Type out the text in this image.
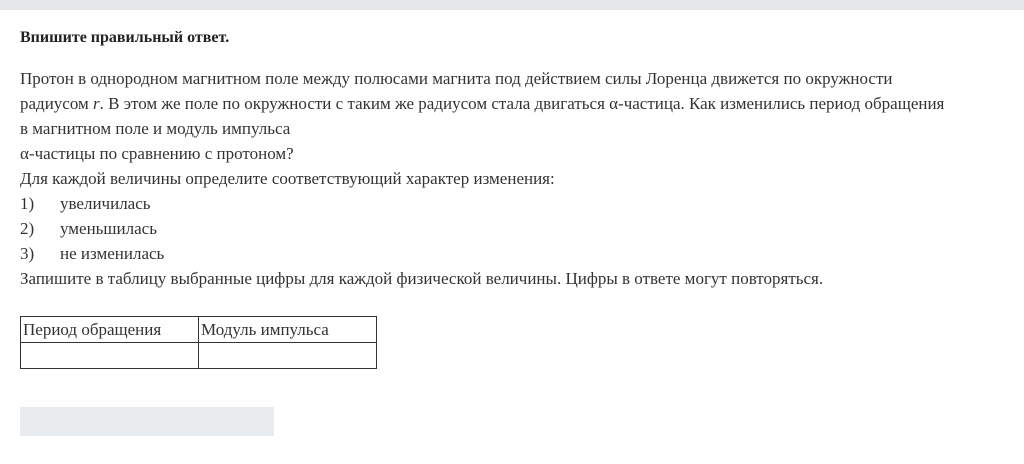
Впишите правильный ответ.

Протон в однородном магнитном поле между полюсами магнита под действием силы Лоренца движется по окружности
радиусом r. В этом же поле по окружности с таким же радиусом стала двигаться α-частица. Как изменились период обращения
в магнитном поле и модуль импульса
α-частицы по сравнению с протоном?
Для каждой величины определите соответствующий характер изменения:
1)	увеличилась
2)	уменьшилась
3)	не изменилась
Запишите в таблицу выбранные цифры для каждой физической величины. Цифры в ответе могут повторяться.
Период обращения	Модуль импульса
